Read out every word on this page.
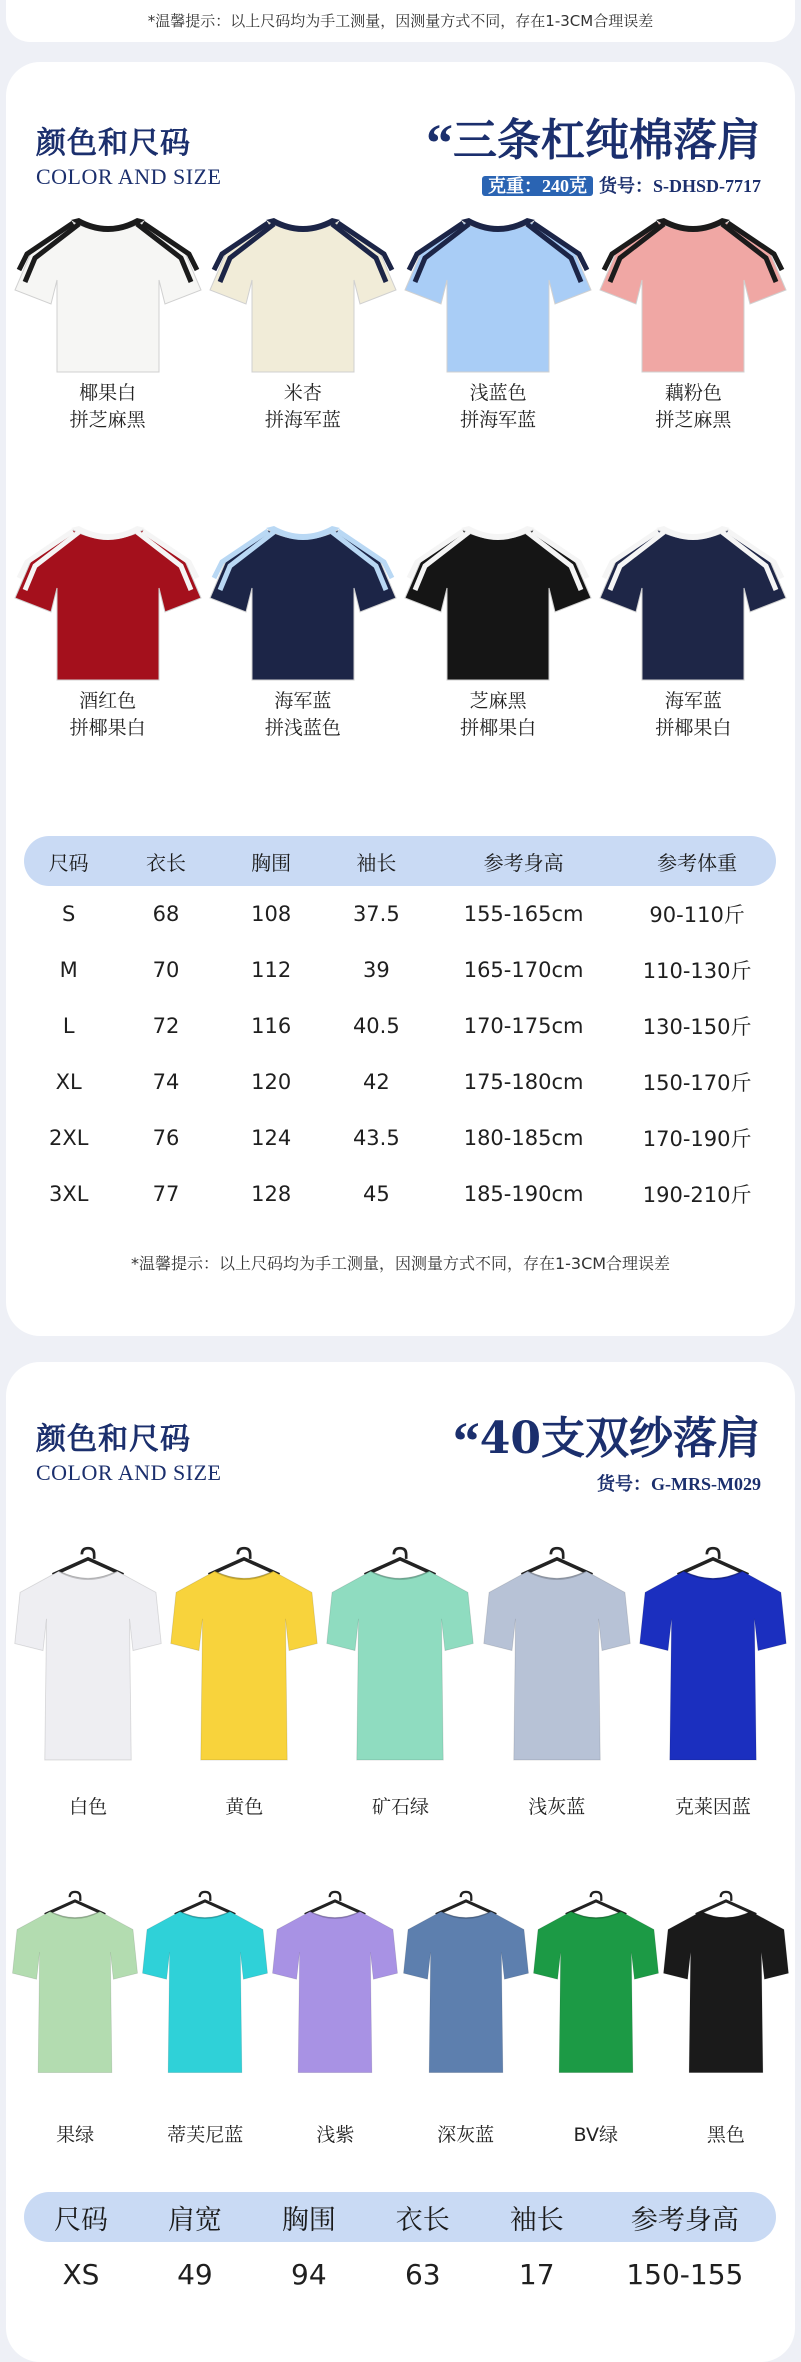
*温馨提示：以上尺码均为手工测量，因测量方式不同，存在1-3CM合理误差
颜色和尺码
COLOR AND SIZE
“三条杠纯棉落肩
克重：240克 货号：S-DHSD-7717
椰果白
拼芝麻黑
米杏
拼海军蓝
浅蓝色
拼海军蓝
藕粉色
拼芝麻黑
酒红色
拼椰果白
海军蓝
拼浅蓝色
芝麻黑
拼椰果白
海军蓝
拼椰果白
尺码	衣长	胸围	袖长	参考身高	参考体重
S	68	108	37.5	155-165cm	90-110斤
M	70	112	39	165-170cm	110-130斤
L	72	116	40.5	170-175cm	130-150斤
XL	74	120	42	175-180cm	150-170斤
2XL	76	124	43.5	180-185cm	170-190斤
3XL	77	128	45	185-190cm	190-210斤
*温馨提示：以上尺码均为手工测量，因测量方式不同，存在1-3CM合理误差
颜色和尺码
COLOR AND SIZE
“40支双纱落肩
货号：G-MRS-M029
白色	黄色	矿石绿	浅灰蓝	克莱因蓝
果绿	蒂芙尼蓝	浅紫	深灰蓝	BV绿	黑色
尺码	肩宽	胸围	衣长	袖长	参考身高
XS	49	94	63	17	150-155
